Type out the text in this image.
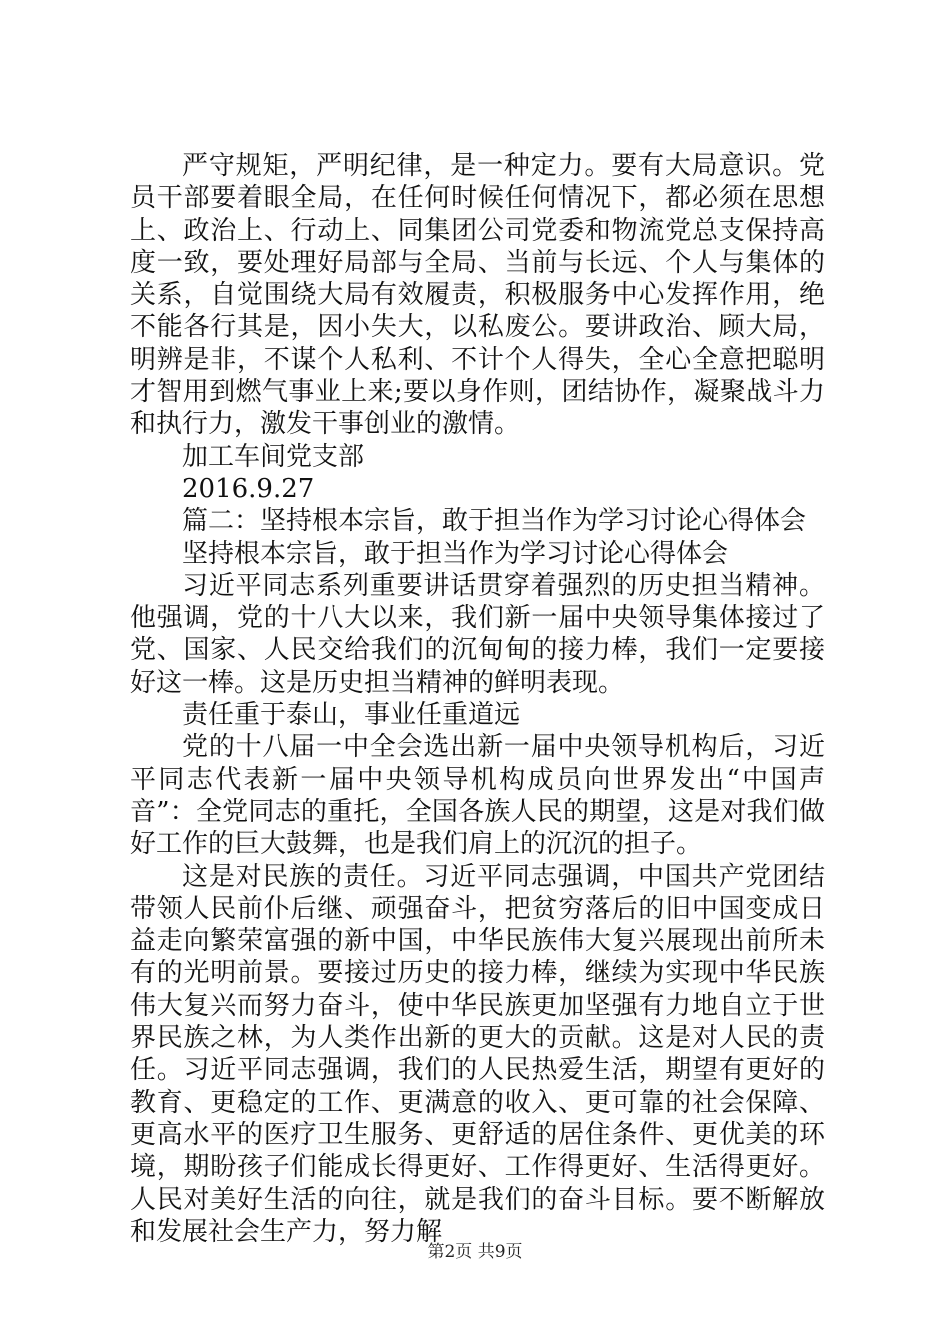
严守规矩，严明纪律，是一种定力。要有大局意识。党员干部要着眼全局，在任何时候任何情况下，都必须在思想上、政治上、行动上、同集团公司党委和物流党总支保持高度一致，要处理好局部与全局、当前与长远、个人与集体的关系，自觉围绕大局有效履责，积极服务中心发挥作用，绝不能各行其是，因小失大，以私废公。要讲政治、顾大局，明辨是非，不谋个人私利、不计个人得失，全心全意把聪明才智用到燃气事业上来;要以身作则，团结协作，凝聚战斗力和执行力，激发干事创业的激情。

加工车间党支部

2016.9.27

篇二：坚持根本宗旨，敢于担当作为学习讨论心得体会

坚持根本宗旨，敢于担当作为学习讨论心得体会

习近平同志系列重要讲话贯穿着强烈的历史担当精神。他强调，党的十八大以来，我们新一届中央领导集体接过了党、国家、人民交给我们的沉甸甸的接力棒，我们一定要接好这一棒。这是历史担当精神的鲜明表现。

责任重于泰山，事业任重道远

党的十八届一中全会选出新一届中央领导机构后，习近平同志代表新一届中央领导机构成员向世界发出“中国声音”：全党同志的重托，全国各族人民的期望，这是对我们做好工作的巨大鼓舞，也是我们肩上的沉沉的担子。

这是对民族的责任。习近平同志强调，中国共产党团结带领人民前仆后继、顽强奋斗，把贫穷落后的旧中国变成日益走向繁荣富强的新中国，中华民族伟大复兴展现出前所未有的光明前景。要接过历史的接力棒，继续为实现中华民族伟大复兴而努力奋斗，使中华民族更加坚强有力地自立于世界民族之林，为人类作出新的更大的贡献。这是对人民的责任。习近平同志强调，我们的人民热爱生活，期望有更好的教育、更稳定的工作、更满意的收入、更可靠的社会保障、更高水平的医疗卫生服务、更舒适的居住条件、更优美的环境，期盼孩子们能成长得更好、工作得更好、生活得更好。人民对美好生活的向往，就是我们的奋斗目标。要不断解放和发展社会生产力，努力解

第2页 共9页
